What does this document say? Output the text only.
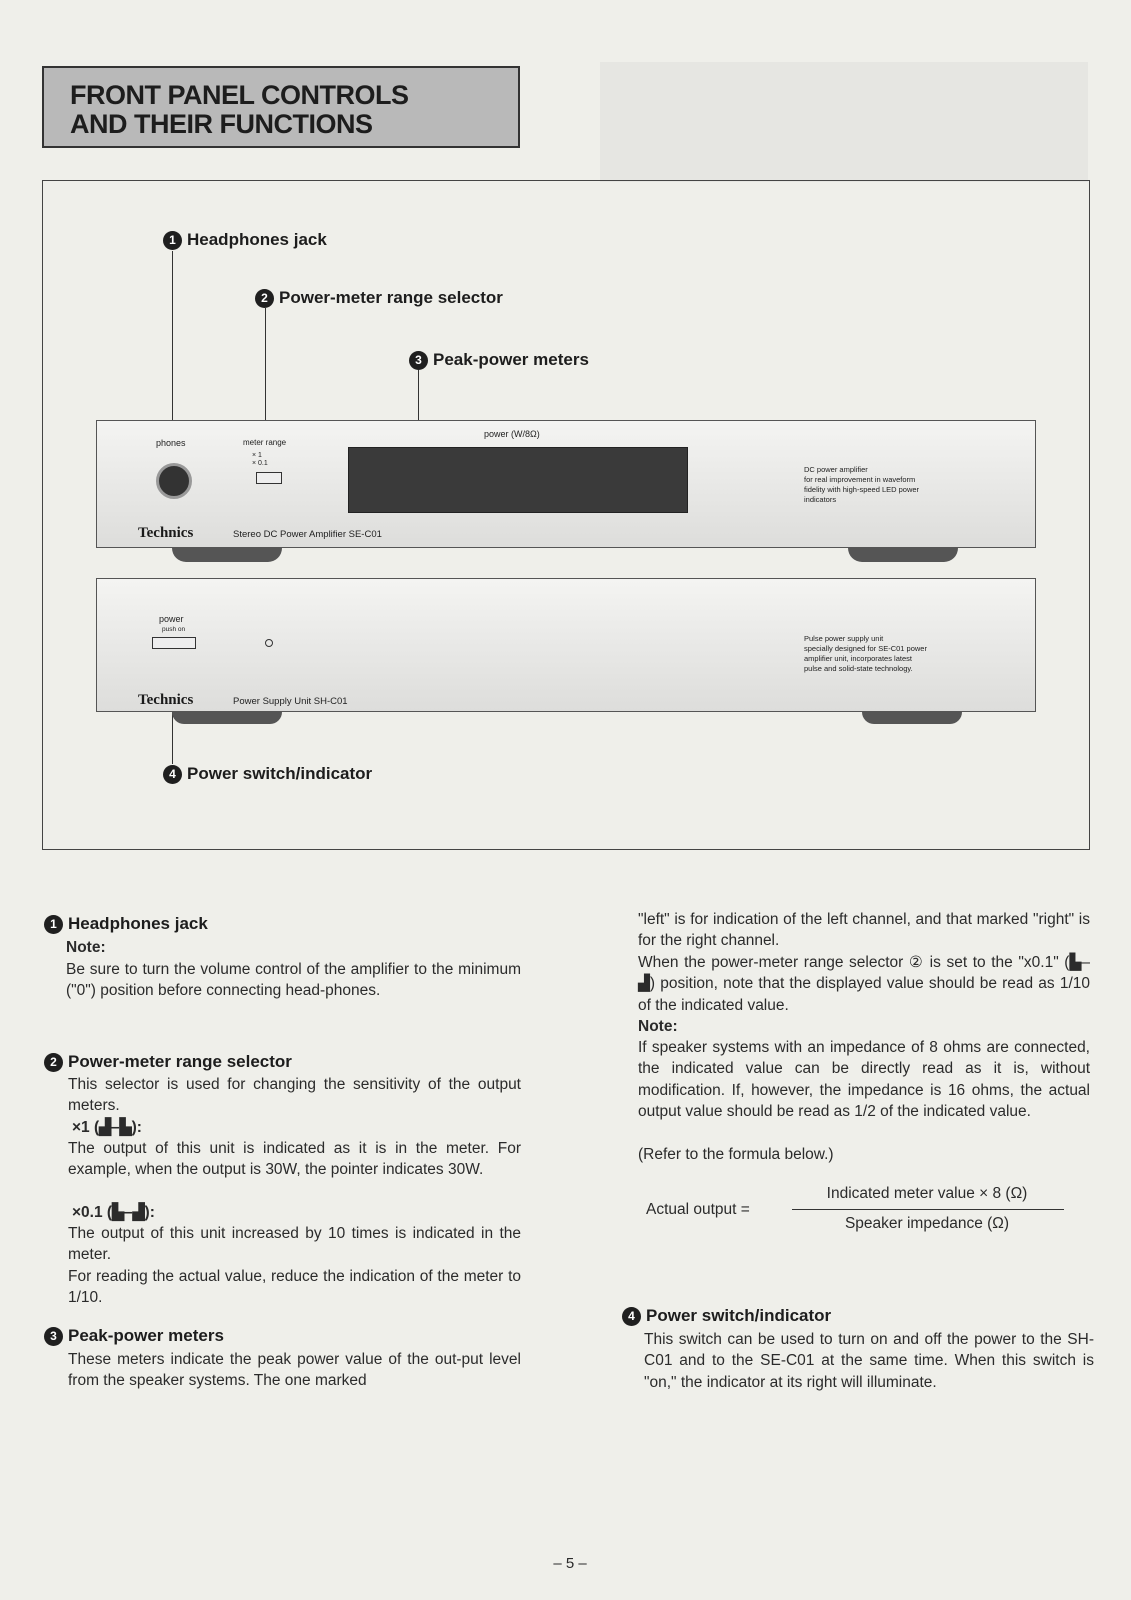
FRONT PANEL CONTROLS
AND THEIR FUNCTIONS
1 Headphones jack
2 Power-meter range selector
3 Peak-power meters
4 Power switch/indicator
phones	meter range
× 1
× 0.1
power (W/8Ω)
DC power amplifier
for real improvement in waveform
fidelity with high-speed LED power
indicators
Technics	Stereo DC Power Amplifier SE-C01
power
push on
Pulse power supply unit
specially designed for SE-C01 power
amplifier unit, incorporates latest
pulse and solid-state technology.
Technics	Power Supply Unit SH-C01
1 Headphones jack
Note:
Be sure to turn the volume control of the amplifier to the minimum ("0") position before connecting head-phones.
2 Power-meter range selector
This selector is used for changing the sensitivity of the output meters.
×1 (▟–▙):
The output of this unit is indicated as it is in the meter. For example, when the output is 30W, the pointer indicates 30W.
×0.1 (▙–▟):
The output of this unit increased by 10 times is indicated in the meter.
For reading the actual value, reduce the indication of the meter to 1/10.
3 Peak-power meters
These meters indicate the peak power value of the out-put level from the speaker systems. The one marked
"left" is for indication of the left channel, and that marked "right" is for the right channel.
When the power-meter range selector ② is set to the "x0.1" (▙–▟) position, note that the displayed value should be read as 1/10 of the indicated value.
Note:
If speaker systems with an impedance of 8 ohms are connected, the indicated value can be directly read as it is, without modification. If, however, the impedance is 16 ohms, the actual output value should be read as 1/2 of the indicated value.
(Refer to the formula below.)
Actual output =
Indicated meter value × 8 (Ω)
Speaker impedance (Ω)
4 Power switch/indicator
This switch can be used to turn on and off the power to the SH-C01 and to the SE-C01 at the same time. When this switch is "on," the indicator at its right will illuminate.
– 5 –
